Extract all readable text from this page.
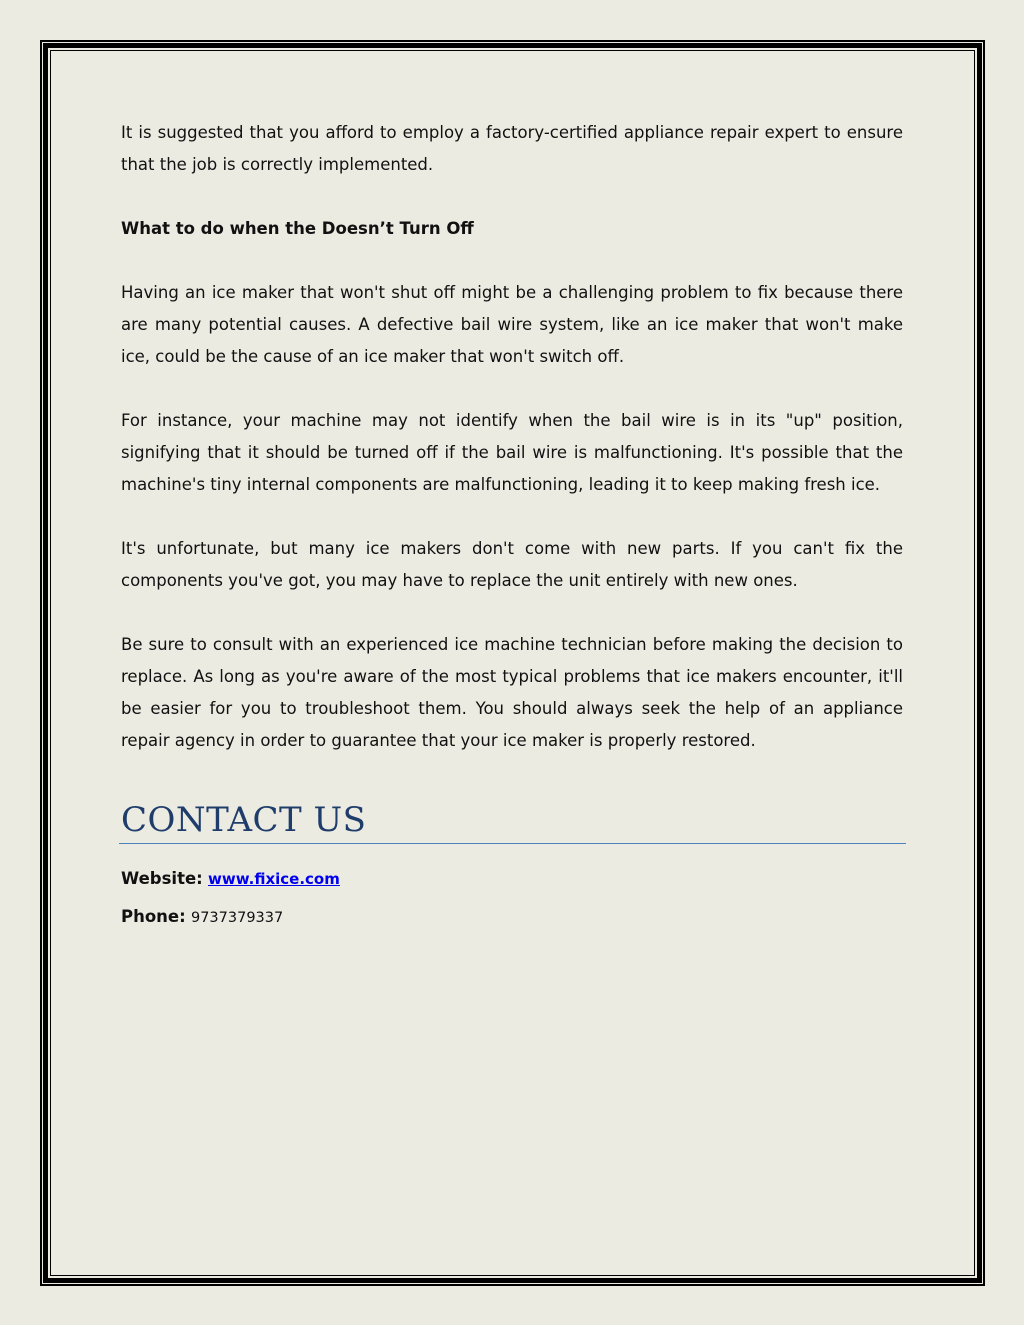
It is suggested that you afford to employ a factory-certified appliance repair expert to ensure that the job is correctly implemented.

What to do when the Doesn’t Turn Off

Having an ice maker that won't shut off might be a challenging problem to fix because there are many potential causes. A defective bail wire system, like an ice maker that won't make ice, could be the cause of an ice maker that won't switch off.

For instance, your machine may not identify when the bail wire is in its "up" position, signifying that it should be turned off if the bail wire is malfunctioning. It's possible that the machine's tiny internal components are malfunctioning, leading it to keep making fresh ice.

It's unfortunate, but many ice makers don't come with new parts. If you can't fix the components you've got, you may have to replace the unit entirely with new ones.

Be sure to consult with an experienced ice machine technician before making the decision to replace. As long as you're aware of the most typical problems that ice makers encounter, it'll be easier for you to troubleshoot them. You should always seek the help of an appliance repair agency in order to guarantee that your ice maker is properly restored.

CONTACT US

Website: www.fixice.com

Phone: 9737379337
